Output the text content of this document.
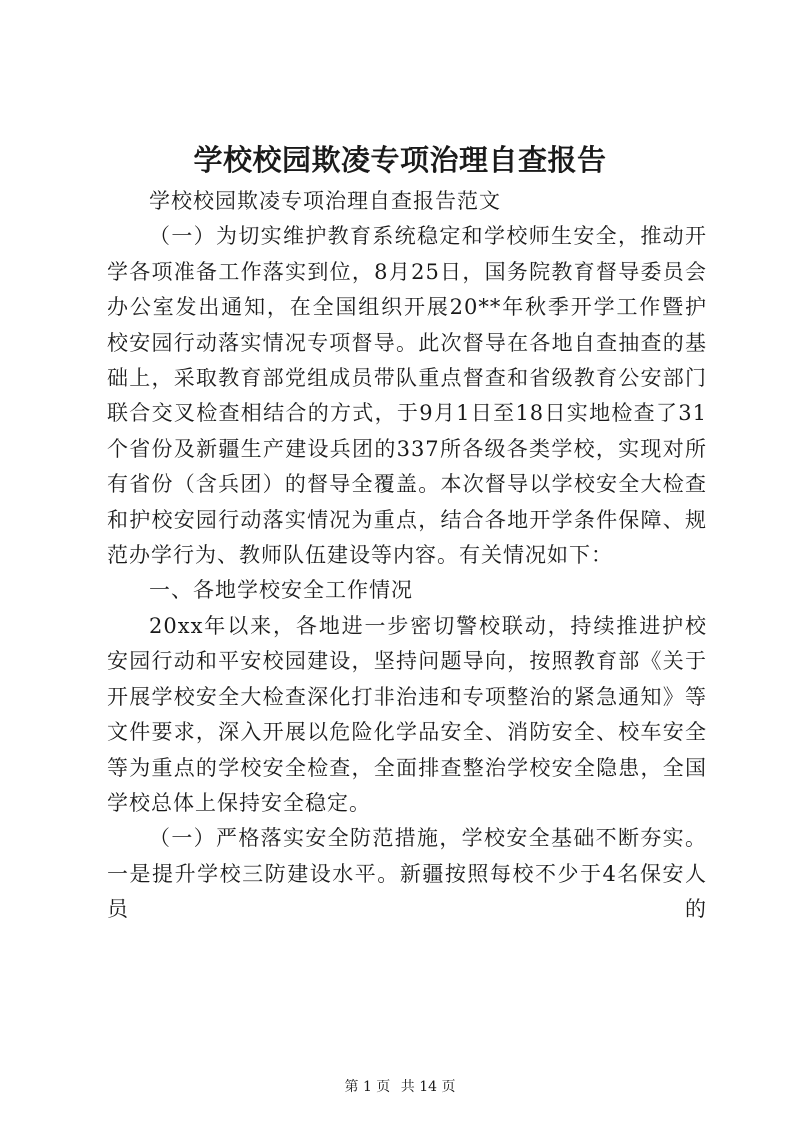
学校校园欺凌专项治理自查报告

学校校园欺凌专项治理自查报告范文

（一）为切实维护教育系统稳定和学校师生安全，推动开学各项准备工作落实到位，8月25日，国务院教育督导委员会办公室发出通知，在全国组织开展20**年秋季开学工作暨护校安园行动落实情况专项督导。此次督导在各地自查抽查的基础上，采取教育部党组成员带队重点督查和省级教育公安部门联合交叉检查相结合的方式，于9月1日至18日实地检查了31个省份及新疆生产建设兵团的337所各级各类学校，实现对所有省份（含兵团）的督导全覆盖。本次督导以学校安全大检查和护校安园行动落实情况为重点，结合各地开学条件保障、规范办学行为、教师队伍建设等内容。有关情况如下：

一、各地学校安全工作情况

20xx年以来，各地进一步密切警校联动，持续推进护校安园行动和平安校园建设，坚持问题导向，按照教育部《关于开展学校安全大检查深化打非治违和专项整治的紧急通知》等文件要求，深入开展以危险化学品安全、消防安全、校车安全等为重点的学校安全检查，全面排查整治学校安全隐患，全国学校总体上保持安全稳定。

（一）严格落实安全防范措施，学校安全基础不断夯实。一是提升学校三防建设水平。新疆按照每校不少于4名保安人员的

第 1 页 共 14 页
